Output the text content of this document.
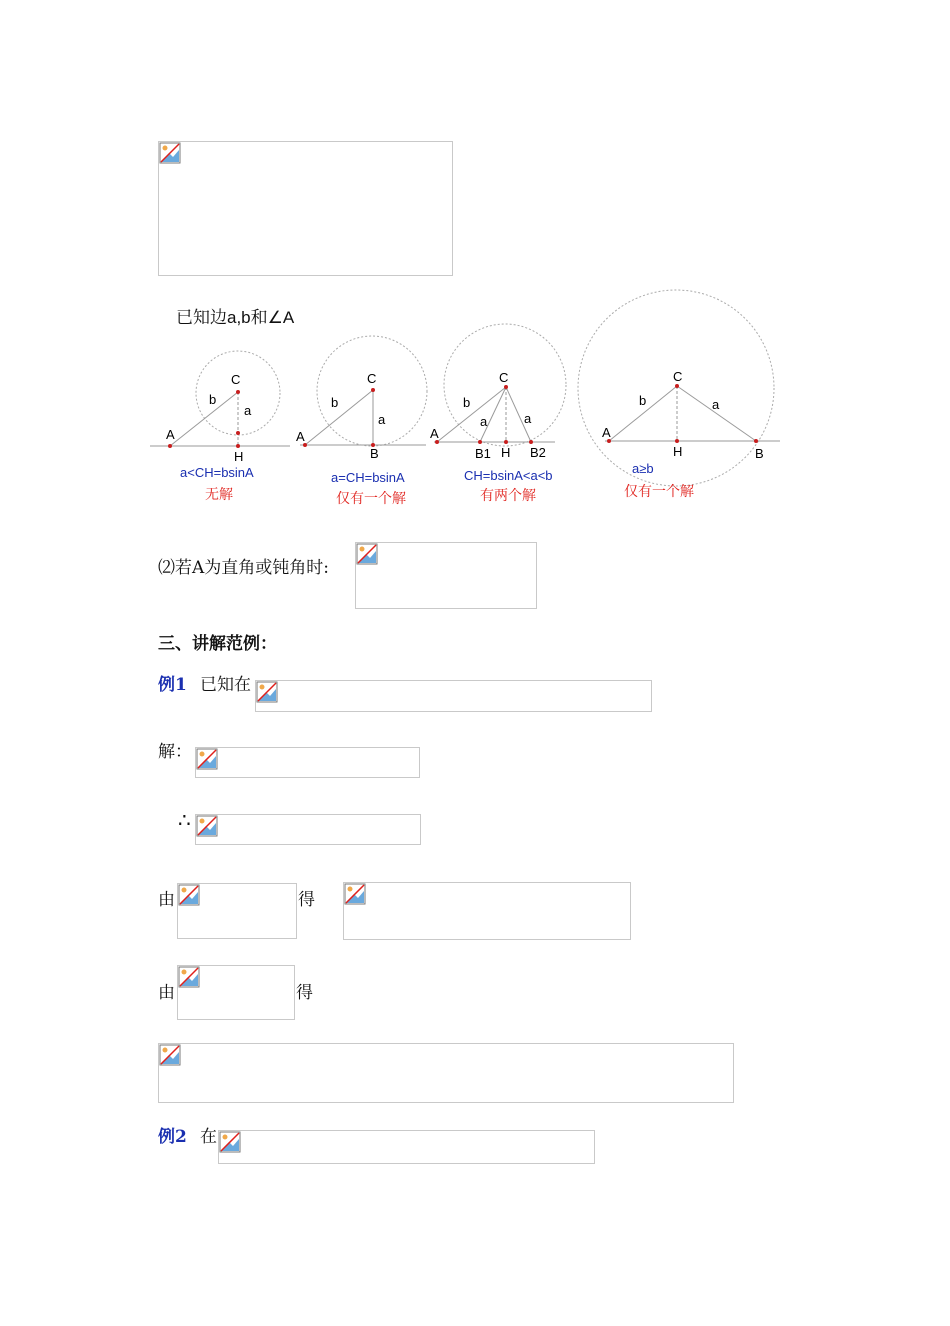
已知边a,b和∠A
A
C
H
b
a
a<CH=bsinA
无解
A
C
B
b
a
a=CH=bsinA
仅有一个解
A
C
B1 H B2
b
a	a
CH=bsinA<a<b
有两个解
A
C
H	B
b	a
a≥b
仅有一个解
⑵若A为直角或钝角时:
三、讲解范例：
例1 已知在
解：
∴
由	得
由	得
例2 在
